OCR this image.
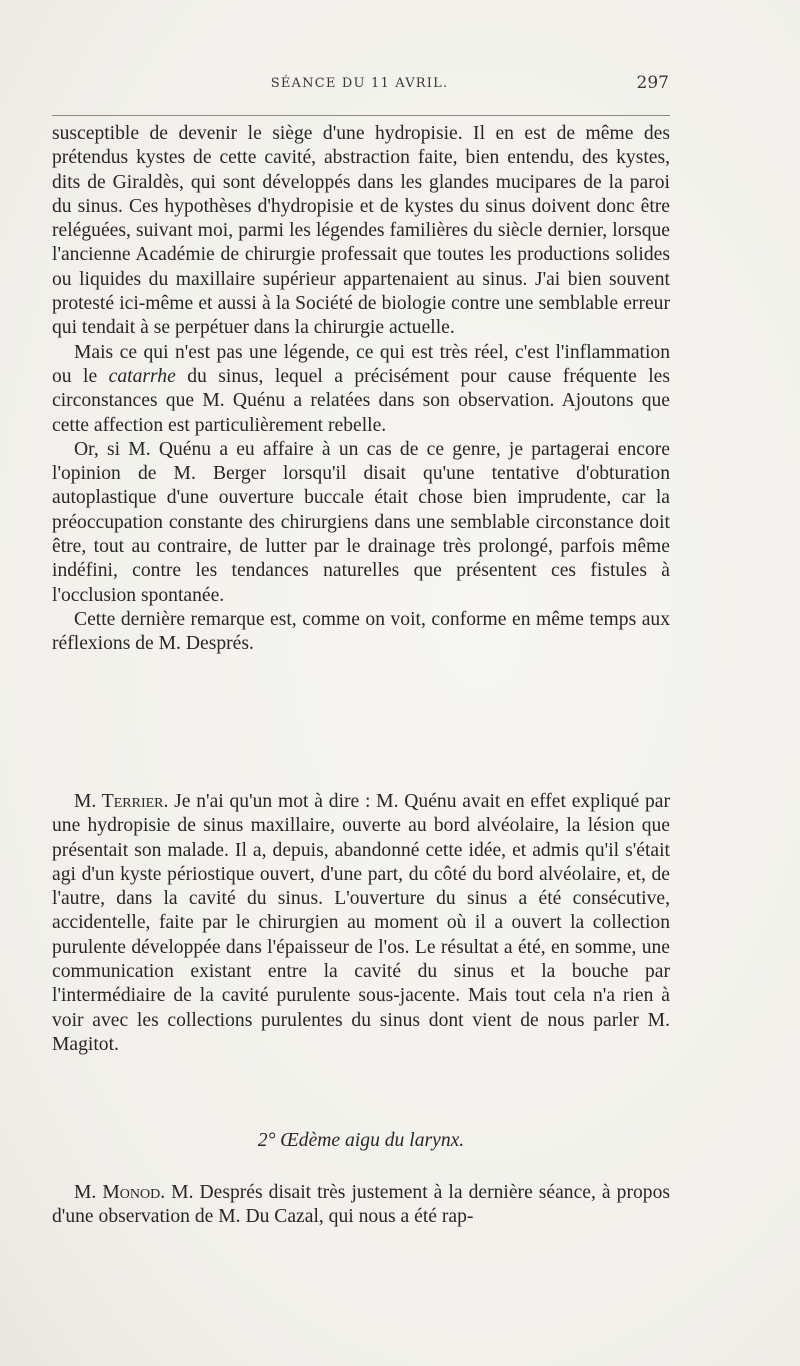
SÉANCE DU 11 AVRIL.	297

susceptible de devenir le siège d'une hydropisie. Il en est de même des prétendus kystes de cette cavité, abstraction faite, bien entendu, des kystes, dits de Giraldès, qui sont développés dans les glandes mucipares de la paroi du sinus. Ces hypothèses d'hydropisie et de kystes du sinus doivent donc être reléguées, suivant moi, parmi les légendes familières du siècle dernier, lorsque l'ancienne Académie de chirurgie professait que toutes les productions solides ou liquides du maxillaire supérieur appartenaient au sinus. J'ai bien souvent protesté ici-même et aussi à la Société de biologie contre une semblable erreur qui tendait à se perpétuer dans la chirurgie actuelle.

Mais ce qui n'est pas une légende, ce qui est très réel, c'est l'inflammation ou le catarrhe du sinus, lequel a précisément pour cause fréquente les circonstances que M. Quénu a relatées dans son observation. Ajoutons que cette affection est particulièrement rebelle.

Or, si M. Quénu a eu affaire à un cas de ce genre, je partagerai encore l'opinion de M. Berger lorsqu'il disait qu'une tentative d'obturation autoplastique d'une ouverture buccale était chose bien imprudente, car la préoccupation constante des chirurgiens dans une semblable circonstance doit être, tout au contraire, de lutter par le drainage très prolongé, parfois même indéfini, contre les tendances naturelles que présentent ces fistules à l'occlusion spontanée.

Cette dernière remarque est, comme on voit, conforme en même temps aux réflexions de M. Després.

M. Terrier. Je n'ai qu'un mot à dire : M. Quénu avait en effet expliqué par une hydropisie de sinus maxillaire, ouverte au bord alvéolaire, la lésion que présentait son malade. Il a, depuis, abandonné cette idée, et admis qu'il s'était agi d'un kyste périostique ouvert, d'une part, du côté du bord alvéolaire, et, de l'autre, dans la cavité du sinus. L'ouverture du sinus a été consécutive, accidentelle, faite par le chirurgien au moment où il a ouvert la collection purulente développée dans l'épaisseur de l'os. Le résultat a été, en somme, une communication existant entre la cavité du sinus et la bouche par l'intermédiaire de la cavité purulente sous-jacente. Mais tout cela n'a rien à voir avec les collections purulentes du sinus dont vient de nous parler M. Magitot.

2° Œdème aigu du larynx.

M. Monod. M. Després disait très justement à la dernière séance, à propos d'une observation de M. Du Cazal, qui nous a été rap-
